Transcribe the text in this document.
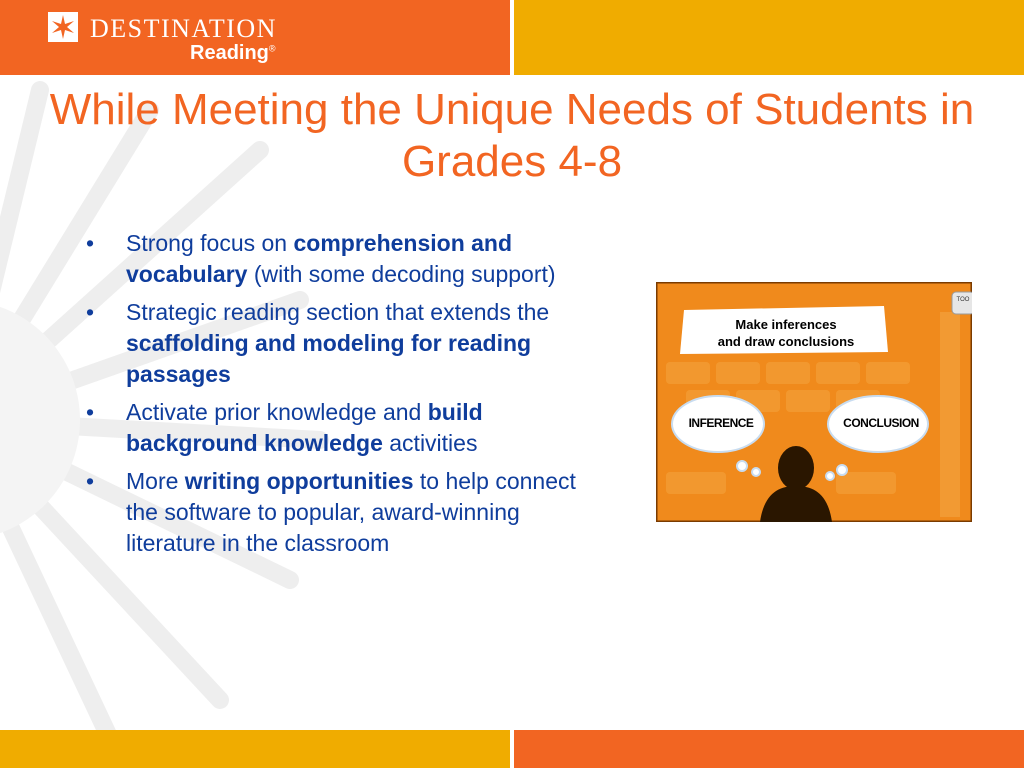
DESTINATION
Reading®
While Meeting the Unique Needs of Students in Grades 4-8
• Strong focus on comprehension and vocabulary (with some decoding support)
• Strategic reading section that extends the scaffolding and modeling for reading passages
• Activate prior knowledge and build background knowledge activities
• More writing opportunities to help connect the software to popular, award-winning literature in the classroom
Make inferences
and draw conclusions
INFERENCE	CONCLUSION
TOO
